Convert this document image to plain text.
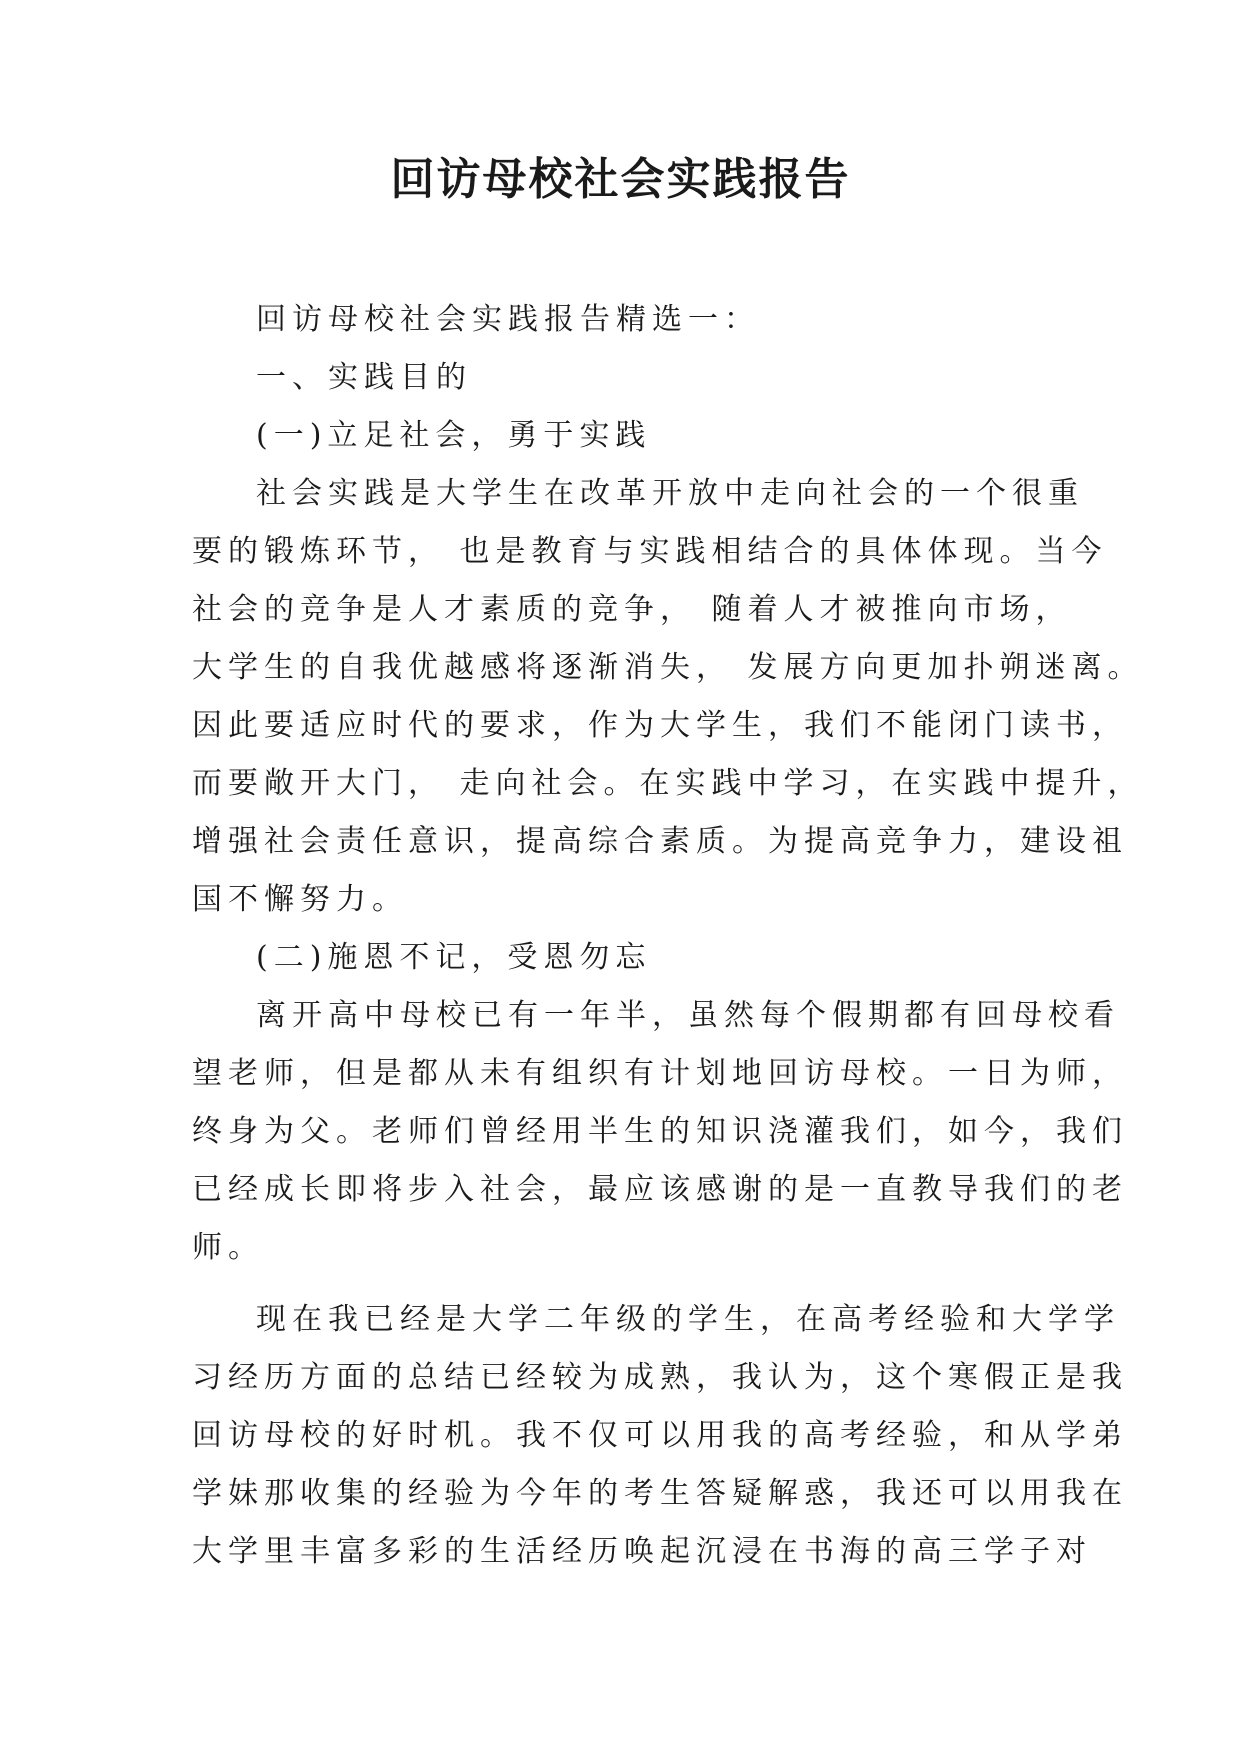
回访母校社会实践报告
回访母校社会实践报告精选一：
一、实践目的
(一)立足社会，勇于实践
社会实践是大学生在改革开放中走向社会的一个很重
要的锻炼环节， 也是教育与实践相结合的具体体现。当今
社会的竞争是人才素质的竞争， 随着人才被推向市场，
大学生的自我优越感将逐渐消失， 发展方向更加扑朔迷离。
因此要适应时代的要求，作为大学生，我们不能闭门读书，
而要敞开大门， 走向社会。在实践中学习，在实践中提升，
增强社会责任意识，提高综合素质。为提高竞争力，建设祖
国不懈努力。
(二)施恩不记，受恩勿忘
离开高中母校已有一年半，虽然每个假期都有回母校看
望老师，但是都从未有组织有计划地回访母校。一日为师，
终身为父。老师们曾经用半生的知识浇灌我们，如今，我们
已经成长即将步入社会，最应该感谢的是一直教导我们的老
师。
现在我已经是大学二年级的学生，在高考经验和大学学
习经历方面的总结已经较为成熟，我认为，这个寒假正是我
回访母校的好时机。我不仅可以用我的高考经验，和从学弟
学妹那收集的经验为今年的考生答疑解惑，我还可以用我在
大学里丰富多彩的生活经历唤起沉浸在书海的高三学子对
